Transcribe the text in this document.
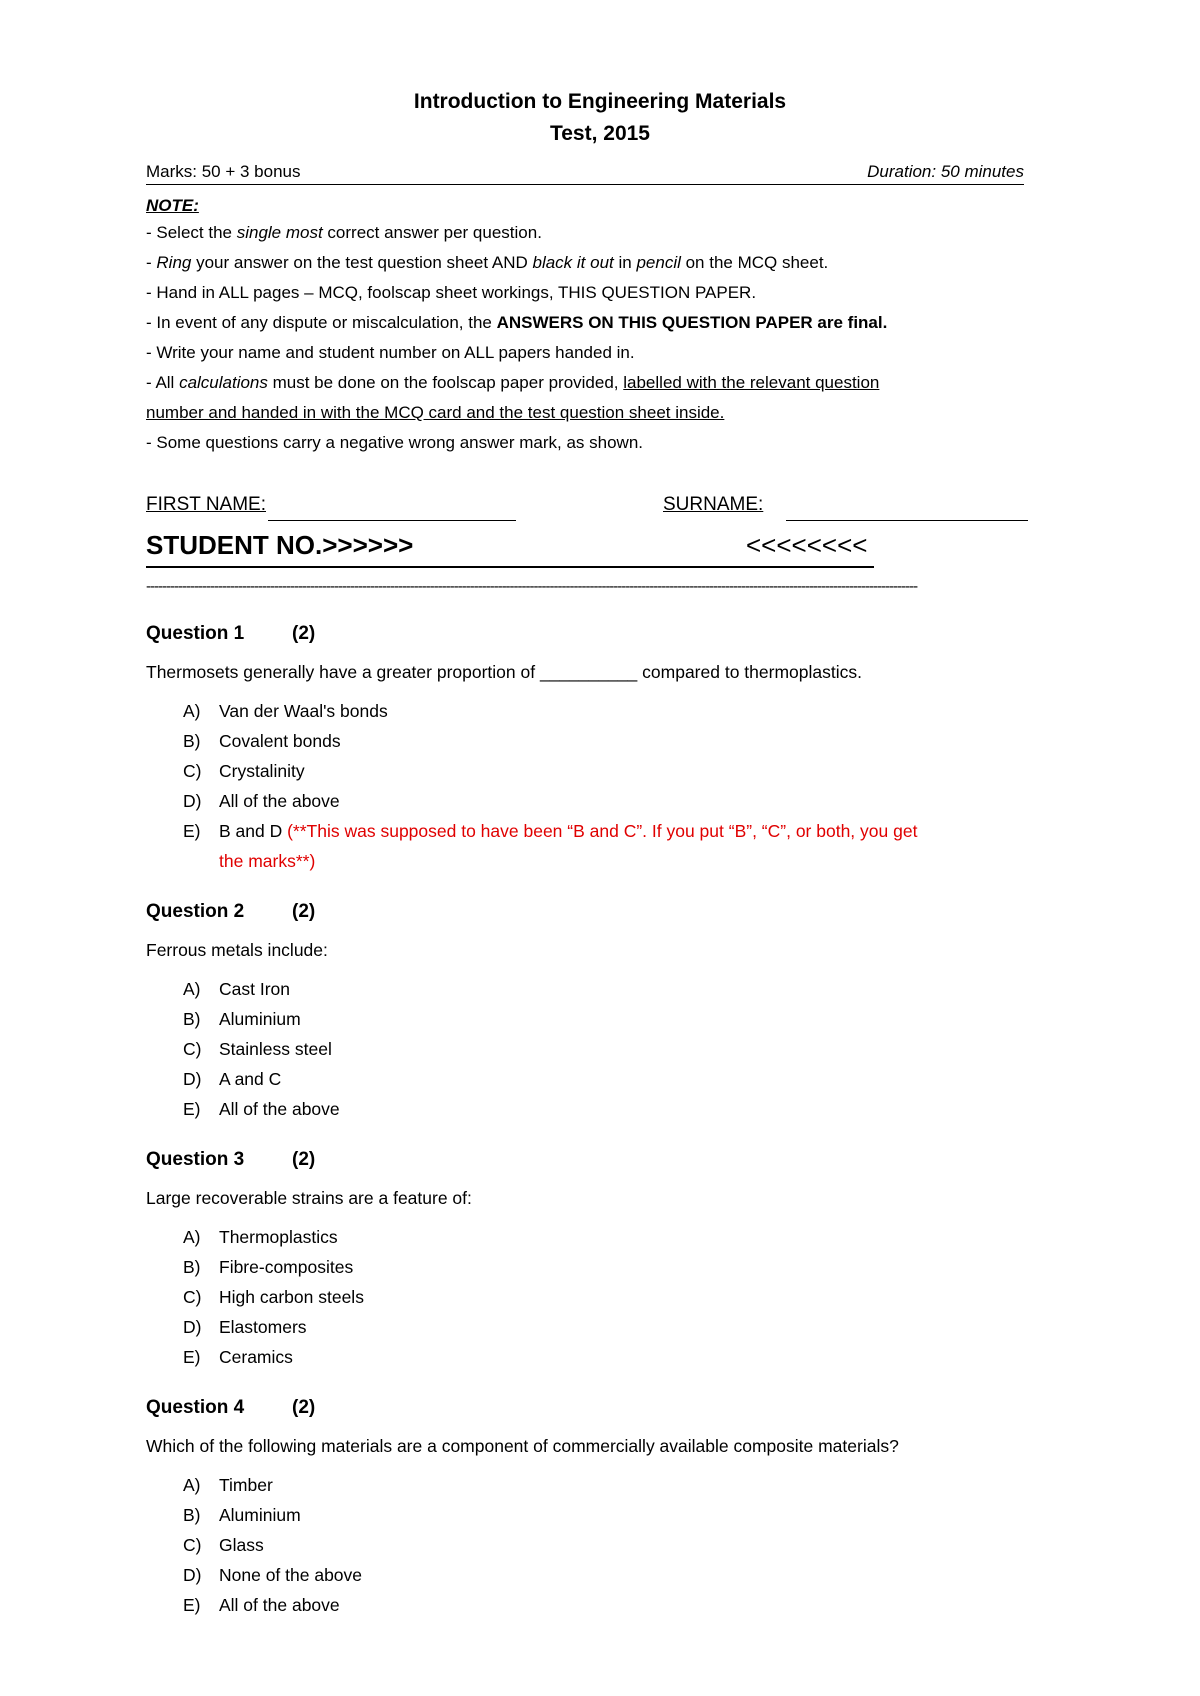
Introduction to Engineering Materials
Test, 2015
Marks: 50 + 3 bonus	Duration: 50 minutes
NOTE:
- Select the single most correct answer per question.
- Ring your answer on the test question sheet AND black it out in pencil on the MCQ sheet.
- Hand in ALL pages – MCQ, foolscap sheet workings, THIS QUESTION PAPER.
- In event of any dispute or miscalculation, the ANSWERS ON THIS QUESTION PAPER are final.
- Write your name and student number on ALL papers handed in.
- All calculations must be done on the foolscap paper provided, labelled with the relevant question
number and handed in with the MCQ card and the test question sheet inside.
- Some questions carry a negative wrong answer mark, as shown.
FIRST NAME:	SURNAME:
STUDENT NO.>>>>>>	<<<<<<<<
-------------------------------------------------------------------------------------------------------------------------------------------------------------------------------------------------
Question 1	(2)
Thermosets generally have a greater proportion of __________ compared to thermoplastics.
A) Van der Waal's bonds
B) Covalent bonds
C) Crystalinity
D) All of the above
E) B and D (**This was supposed to have been “B and C”. If you put “B”, “C”, or both, you get
the marks**)
Question 2	(2)
Ferrous metals include:
A) Cast Iron
B) Aluminium
C) Stainless steel
D) A and C
E) All of the above
Question 3	(2)
Large recoverable strains are a feature of:
A) Thermoplastics
B) Fibre-composites
C) High carbon steels
D) Elastomers
E) Ceramics
Question 4	(2)
Which of the following materials are a component of commercially available composite materials?
A) Timber
B) Aluminium
C) Glass
D) None of the above
E) All of the above
